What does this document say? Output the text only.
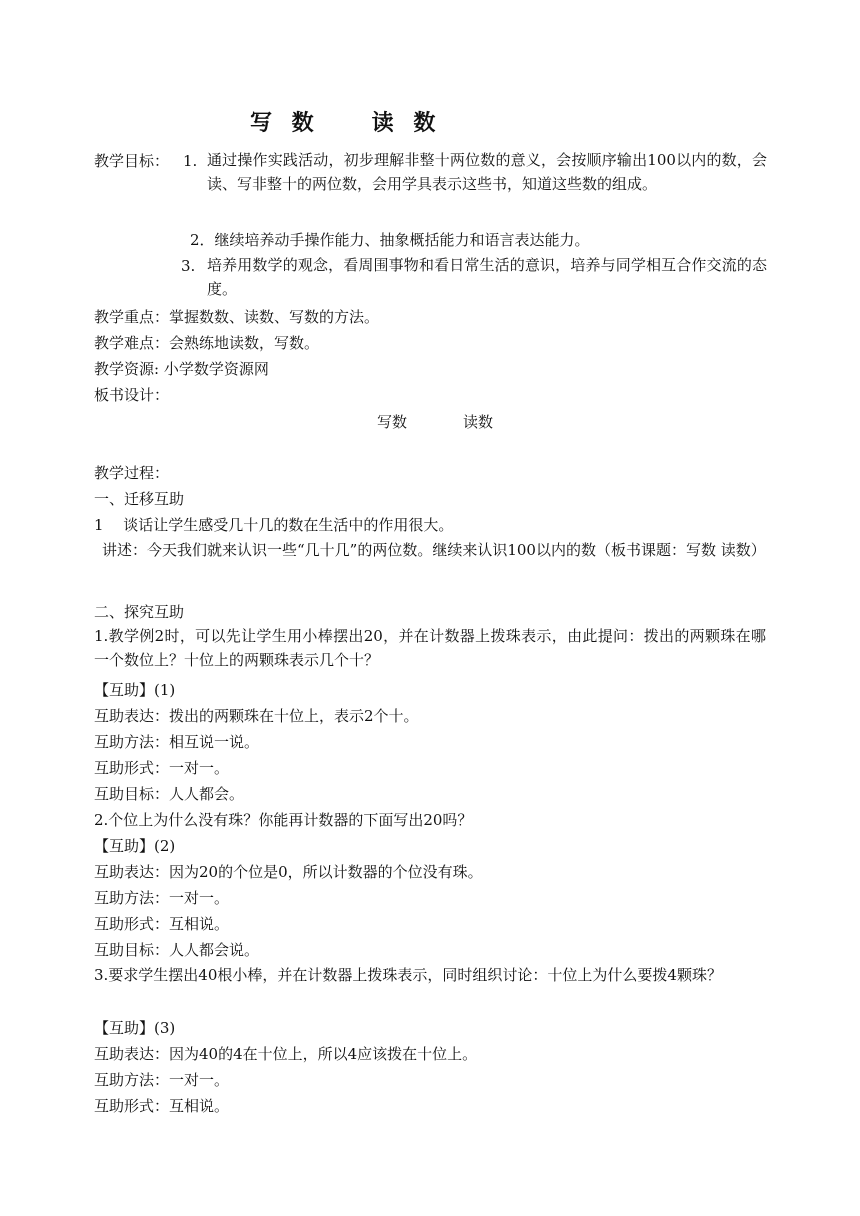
写 数 读 数
教学目标： 1. 通过操作实践活动，初步理解非整十两位数的意义，会按顺序输出100以内的数，会读、写非整十的两位数，会用学具表示这些书，知道这些数的组成。
2．继续培养动手操作能力、抽象概括能力和语言表达能力。
3. 培养用数学的观念，看周围事物和看日常生活的意识，培养与同学相互合作交流的态度。
教学重点：掌握数数、读数、写数的方法。
教学难点：会熟练地读数，写数。
教学资源: 小学数学资源网
板书设计：
写数	读数
教学过程：
一、迁移互助
1　 谈话让学生感受几十几的数在生活中的作用很大。
讲述：今天我们就来认识一些“几十几”的两位数。继续来认识100以内的数（板书课题：写数 读数）
二、探究互助
1.教学例2时，可以先让学生用小棒摆出20，并在计数器上拨珠表示，由此提问：拨出的两颗珠在哪一个数位上？十位上的两颗珠表示几个十？
【互助】(1)
互助表达：拨出的两颗珠在十位上，表示2个十。
互助方法：相互说一说。
互助形式：一对一。
互助目标：人人都会。
2.个位上为什么没有珠？你能再计数器的下面写出20吗？
【互助】(2)
互助表达：因为20的个位是0，所以计数器的个位没有珠。
互助方法：一对一。
互助形式：互相说。
互助目标：人人都会说。
3.要求学生摆出40根小棒，并在计数器上拨珠表示，同时组织讨论：十位上为什么要拨4颗珠？
【互助】(3)
互助表达：因为40的4在十位上，所以4应该拨在十位上。
互助方法：一对一。
互助形式：互相说。
